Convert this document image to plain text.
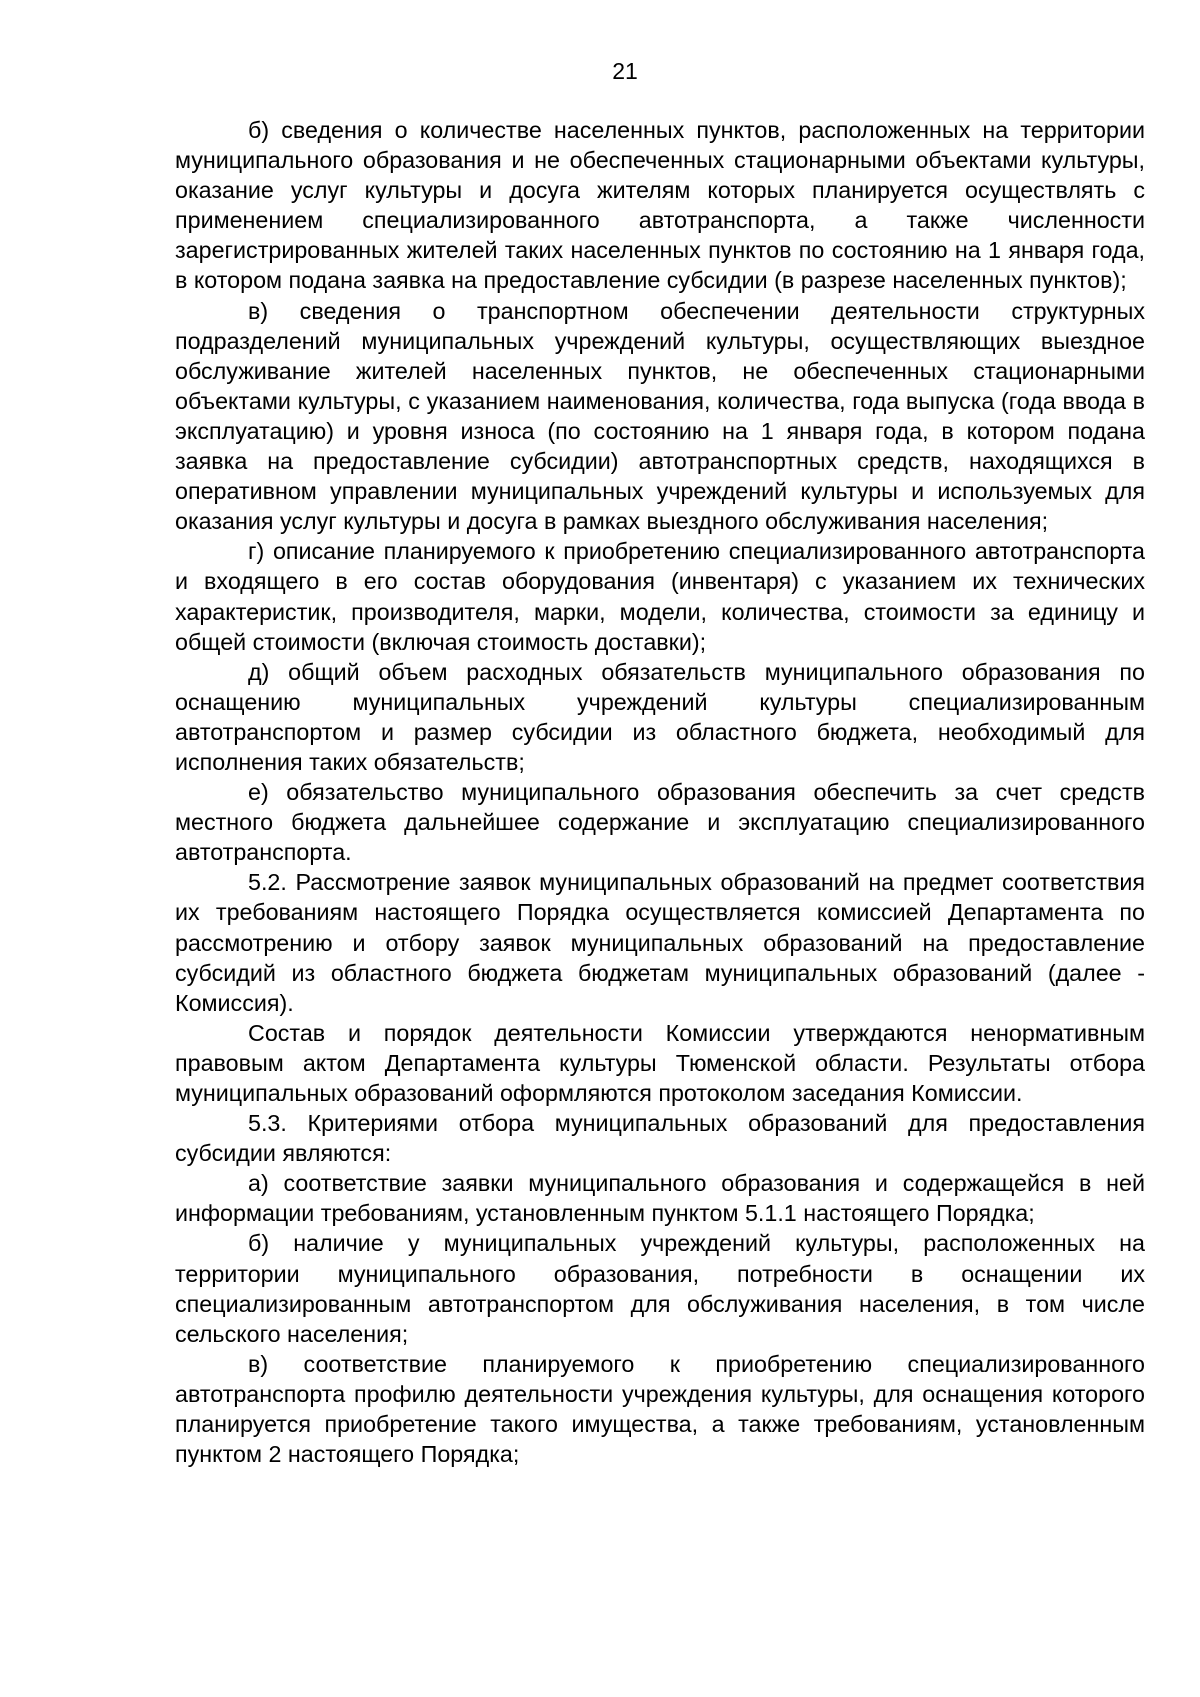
21

б) сведения о количестве населенных пунктов, расположенных на территории муниципального образования и не обеспеченных стационарными объектами культуры, оказание услуг культуры и досуга жителям которых планируется осуществлять с применением специализированного автотранспорта, а также численности зарегистрированных жителей таких населенных пунктов по состоянию на 1 января года, в котором подана заявка на предоставление субсидии (в разрезе населенных пунктов);

в) сведения о транспортном обеспечении деятельности структурных подразделений муниципальных учреждений культуры, осуществляющих выездное обслуживание жителей населенных пунктов, не обеспеченных стационарными объектами культуры, с указанием наименования, количества, года выпуска (года ввода в эксплуатацию) и уровня износа (по состоянию на 1 января года, в котором подана заявка на предоставление субсидии) автотранспортных средств, находящихся в оперативном управлении муниципальных учреждений культуры и используемых для оказания услуг культуры и досуга в рамках выездного обслуживания населения;

г) описание планируемого к приобретению специализированного автотранспорта и входящего в его состав оборудования (инвентаря) с указанием их технических характеристик, производителя, марки, модели, количества, стоимости за единицу и общей стоимости (включая стоимость доставки);

д) общий объем расходных обязательств муниципального образования по оснащению муниципальных учреждений культуры специализированным автотранспортом и размер субсидии из областного бюджета, необходимый для исполнения таких обязательств;

е) обязательство муниципального образования обеспечить за счет средств местного бюджета дальнейшее содержание и эксплуатацию специализированного автотранспорта.

5.2. Рассмотрение заявок муниципальных образований на предмет соответствия их требованиям настоящего Порядка осуществляется комиссией Департамента по рассмотрению и отбору заявок муниципальных образований на предоставление субсидий из областного бюджета бюджетам муниципальных образований (далее - Комиссия).

Состав и порядок деятельности Комиссии утверждаются ненормативным правовым актом Департамента культуры Тюменской области. Результаты отбора муниципальных образований оформляются протоколом заседания Комиссии.

5.3. Критериями отбора муниципальных образований для предоставления субсидии являются:

а) соответствие заявки муниципального образования и содержащейся в ней информации требованиям, установленным пунктом 5.1.1 настоящего Порядка;

б) наличие у муниципальных учреждений культуры, расположенных на территории муниципального образования, потребности в оснащении их специализированным автотранспортом для обслуживания населения, в том числе сельского населения;

в) соответствие планируемого к приобретению специализированного автотранспорта профилю деятельности учреждения культуры, для оснащения которого планируется приобретение такого имущества, а также требованиям, установленным пунктом 2 настоящего Порядка;
